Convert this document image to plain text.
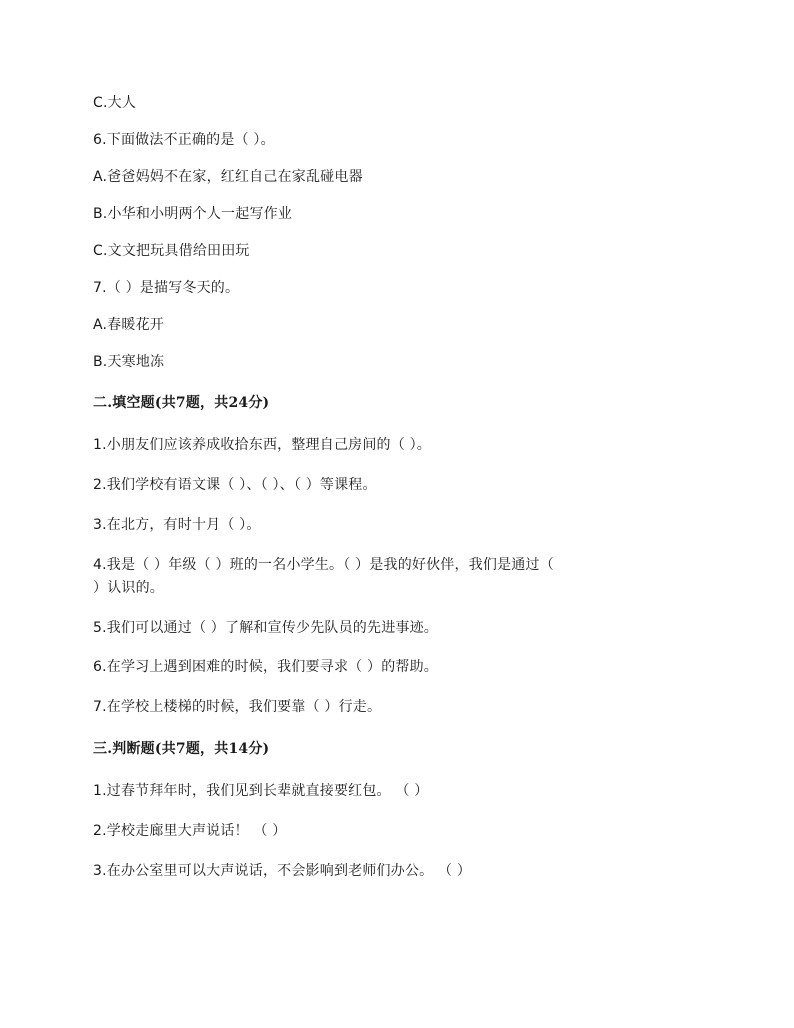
C.大人
6.下面做法不正确的是（ ）。
A.爸爸妈妈不在家，红红自己在家乱碰电器
B.小华和小明两个人一起写作业
C.文文把玩具借给田田玩
7.（ ）是描写冬天的。
A.春暖花开
B.天寒地冻
二.填空题(共7题，共24分)
1.小朋友们应该养成收拾东西，整理自己房间的（ ）。
2.我们学校有语文课（ ）、（ ）、（ ）等课程。
3.在北方，有时十月（ ）。
4.我是（ ）年级（ ）班的一名小学生。（ ）是我的好伙伴，我们是通过（
）认识的。
5.我们可以通过（ ）了解和宣传少先队员的先进事迹。
6.在学习上遇到困难的时候，我们要寻求（ ）的帮助。
7.在学校上楼梯的时候，我们要靠（ ）行走。
三.判断题(共7题，共14分)
1.过春节拜年时，我们见到长辈就直接要红包。 （ ）
2.学校走廊里大声说话！ （ ）
3.在办公室里可以大声说话，不会影响到老师们办公。 （ ）
